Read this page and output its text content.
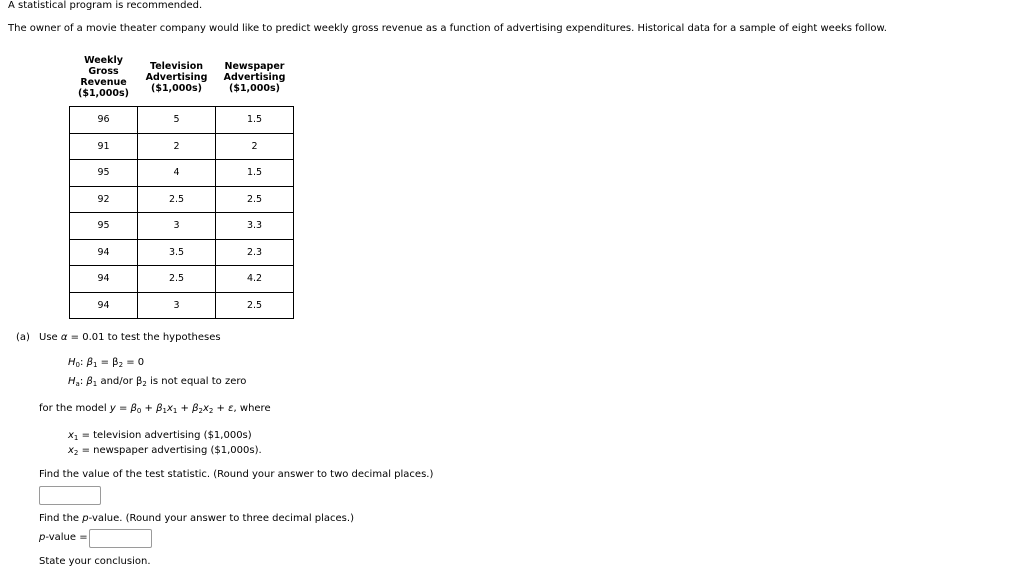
A statistical program is recommended.
The owner of a movie theater company would like to predict weekly gross revenue as a function of advertising expenditures. Historical data for a sample of eight weeks follow.
Weekly
Gross
Revenue
($1,000s)	Television
Advertising
($1,000s)	Newspaper
Advertising
($1,000s)
96	5	1.5
91	2	2
95	4	1.5
92	2.5	2.5
95	3	3.3
94	3.5	2.3
94	2.5	4.2
94	3	2.5
(a) Use α = 0.01 to test the hypotheses
$H_0$: $\beta_1 = \beta_2 = 0$
$H_a$: $\beta_1$ and/or $\beta_2$ is not equal to zero
for the model $y = \beta_0 + \beta_1x_1 + \beta_2x_2 + \varepsilon$, where
$x_1$ = television advertising ($1,000s)
$x_2$ = newspaper advertising ($1,000s).
Find the value of the test statistic. (Round your answer to two decimal places.)
Find the p-value. (Round your answer to three decimal places.)
p-value =
State your conclusion.
